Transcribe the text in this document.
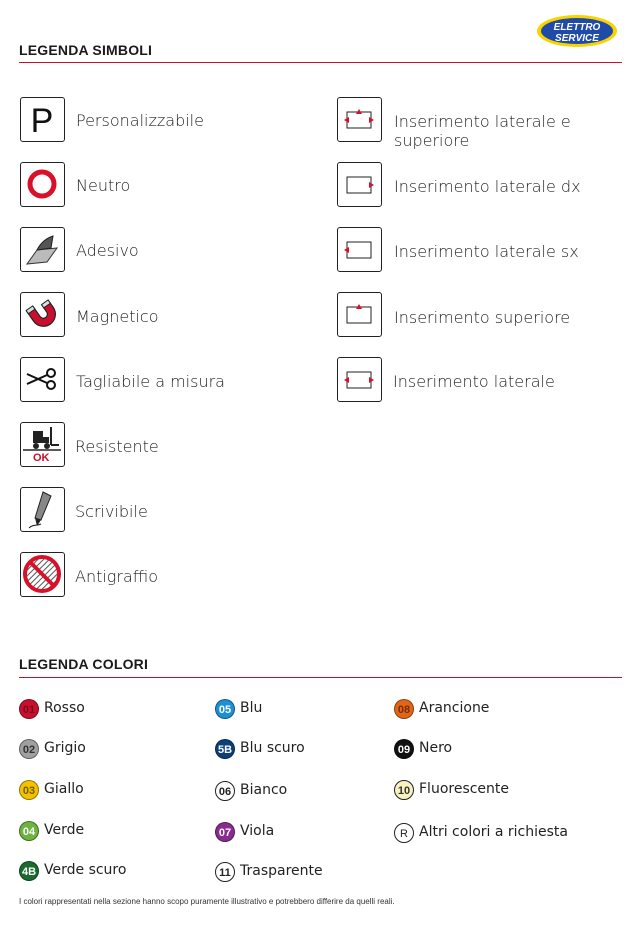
ELETTRO
SERVICE
LEGENDA SIMBOLI
P Personalizzabile
Neutro
Adesivo
Magnetico
Tagliabile a misura
OK
Resistente
Scrivibile
Antigraffio
Inserimento laterale e superiore
Inserimento laterale dx
Inserimento laterale sx
Inserimento superiore
Inserimento laterale
LEGENDA COLORI
01 Rosso
02 Grigio
03 Giallo
04 Verde
4B Verde scuro
05 Blu
5B Blu scuro
06 Bianco
07 Viola
11 Trasparente
08 Arancione
09 Nero
10 Fluorescente
R Altri colori a richiesta
I colori rappresentati nella sezione hanno scopo puramente illustrativo e potrebbero differire da quelli reali.
